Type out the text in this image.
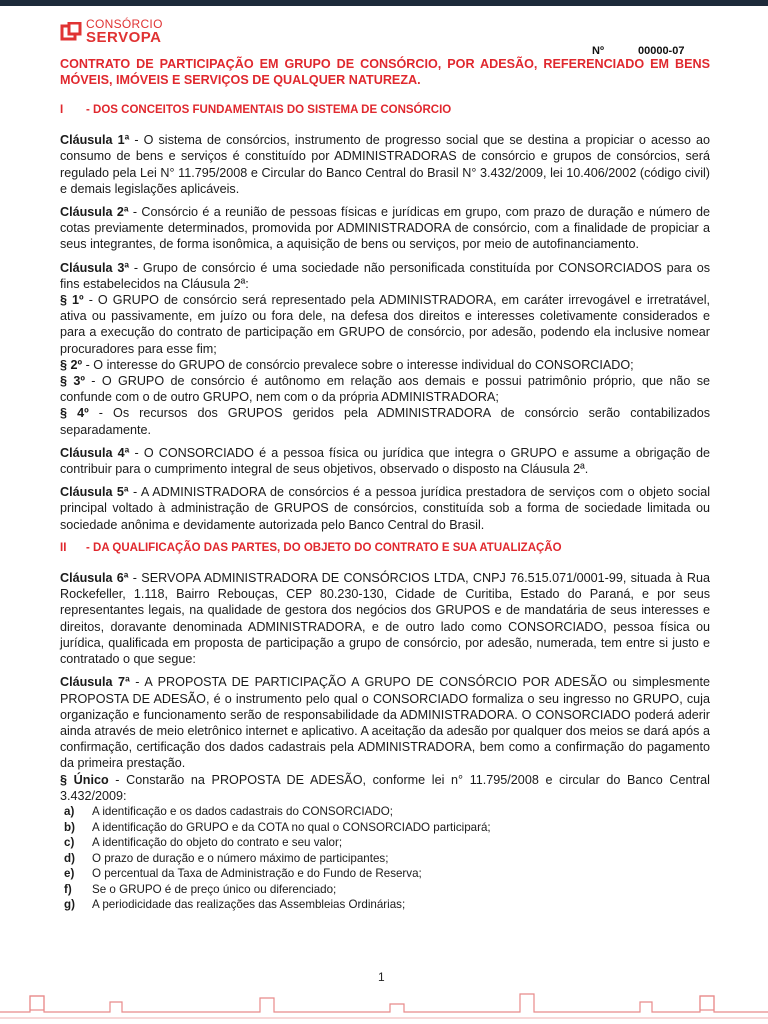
CONSÓRCIO
SERVOPA
Nº	00000-07
CONTRATO DE PARTICIPAÇÃO EM GRUPO DE CONSÓRCIO, POR ADESÃO, REFERENCIADO EM BENS MÓVEIS, IMÓVEIS E SERVIÇOS DE QUALQUER NATUREZA.
I - DOS CONCEITOS FUNDAMENTAIS DO SISTEMA DE CONSÓRCIO

Cláusula 1ª - O sistema de consórcios, instrumento de progresso social que se destina a propiciar o acesso ao consumo de bens e serviços é constituído por ADMINISTRADORAS de consórcio e grupos de consórcios, será regulado pela Lei N° 11.795/2008 e Circular do Banco Central do Brasil N° 3.432/2009, lei 10.406/2002 (código civil) e demais legislações aplicáveis.

Cláusula 2ª - Consórcio é a reunião de pessoas físicas e jurídicas em grupo, com prazo de duração e número de cotas previamente determinados, promovida por ADMINISTRADORA de consórcio, com a finalidade de propiciar a seus integrantes, de forma isonômica, a aquisição de bens ou serviços, por meio de autofinanciamento.

Cláusula 3ª - Grupo de consórcio é uma sociedade não personificada constituída por CONSORCIADOS para os fins estabelecidos na Cláusula 2ª:

§ 1º - O GRUPO de consórcio será representado pela ADMINISTRADORA, em caráter irrevogável e irretratável, ativa ou passivamente, em juízo ou fora dele, na defesa dos direitos e interesses coletivamente considerados e para a execução do contrato de participação em GRUPO de consórcio, por adesão, podendo ela inclusive nomear procuradores para esse fim;

§ 2º - O interesse do GRUPO de consórcio prevalece sobre o interesse individual do CONSORCIADO;

§ 3º - O GRUPO de consórcio é autônomo em relação aos demais e possui patrimônio próprio, que não se confunde com o de outro GRUPO, nem com o da própria ADMINISTRADORA;

§ 4º - Os recursos dos GRUPOS geridos pela ADMINISTRADORA de consórcio serão contabilizados separadamente.

Cláusula 4ª - O CONSORCIADO é a pessoa física ou jurídica que integra o GRUPO e assume a obrigação de contribuir para o cumprimento integral de seus objetivos, observado o disposto na Cláusula 2ª.

Cláusula 5ª - A ADMINISTRADORA de consórcios é a pessoa jurídica prestadora de serviços com o objeto social principal voltado à administração de GRUPOS de consórcios, constituída sob a forma de sociedade limitada ou sociedade anônima e devidamente autorizada pelo Banco Central do Brasil.

II - DA QUALIFICAÇÃO DAS PARTES, DO OBJETO DO CONTRATO E SUA ATUALIZAÇÃO

Cláusula 6ª - SERVOPA ADMINISTRADORA DE CONSÓRCIOS LTDA, CNPJ 76.515.071/0001-99, situada à Rua Rockefeller, 1.118, Bairro Rebouças, CEP 80.230-130, Cidade de Curitiba, Estado do Paraná, e por seus representantes legais, na qualidade de gestora dos negócios dos GRUPOS e de mandatária de seus interesses e direitos, doravante denominada ADMINISTRADORA, e de outro lado como CONSORCIADO, pessoa física ou jurídica, qualificada em proposta de participação a grupo de consórcio, por adesão, numerada, tem entre si justo e contratado o que segue:

Cláusula 7ª - A PROPOSTA DE PARTICIPAÇÃO A GRUPO DE CONSÓRCIO POR ADESÃO ou simplesmente PROPOSTA DE ADESÃO, é o instrumento pelo qual o CONSORCIADO formaliza o seu ingresso no GRUPO, cuja organização e funcionamento serão de responsabilidade da ADMINISTRADORA. O CONSORCIADO poderá aderir ainda através de meio eletrônico internet e aplicativo. A aceitação da adesão por qualquer dos meios se dará após a confirmação, certificação dos dados cadastrais pela ADMINISTRADORA, bem como a confirmação do pagamento da primeira prestação.

§ Único - Constarão na PROPOSTA DE ADESÃO, conforme lei n° 11.795/2008 e circular do Banco Central 3.432/2009:

a)	A identificação e os dados cadastrais do CONSORCIADO;
b)	A identificação do GRUPO e da COTA no qual o CONSORCIADO participará;
c)	A identificação do objeto do contrato e seu valor;
d)	O prazo de duração e o número máximo de participantes;
e)	O percentual da Taxa de Administração e do Fundo de Reserva;
f)	Se o GRUPO é de preço único ou diferenciado;
g)	A periodicidade das realizações das Assembleias Ordinárias;
1
